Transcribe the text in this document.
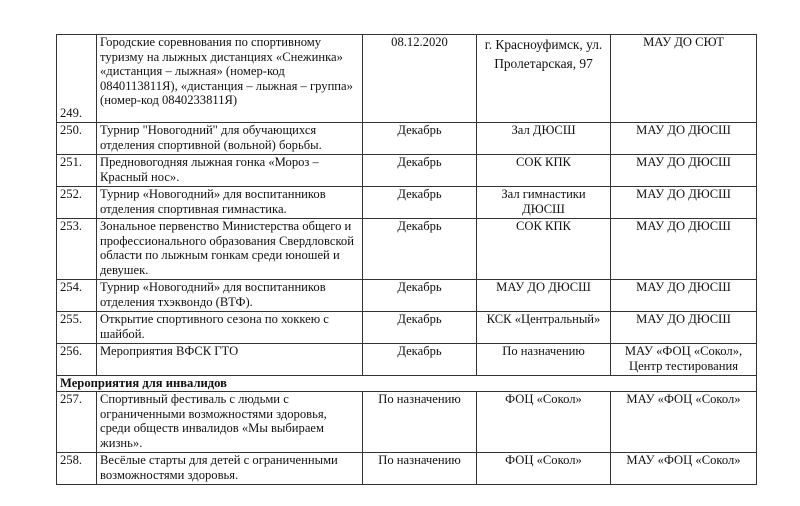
249.	Городские соревнования по спортивному туризму на лыжных дистанциях «Снежинка» «дистанция – лыжная» (номер-код 0840113811Я), «дистанция – лыжная – группа» (номер-код 0840233811Я)	08.12.2020	г. Красноуфимск, ул. Пролетарская, 97	МАУ ДО СЮТ
250.	Турнир "Новогодний" для обучающихся отделения спортивной (вольной) борьбы.	Декабрь	Зал ДЮСШ	МАУ ДО ДЮСШ
251.	Предновогодняя лыжная гонка «Мороз – Красный нос».	Декабрь	СОК КПК	МАУ ДО ДЮСШ
252.	Турнир «Новогодний» для воспитанников отделения спортивная гимнастика.	Декабрь	Зал гимнастики ДЮСШ	МАУ ДО ДЮСШ
253.	Зональное первенство Министерства общего и профессионального образования Свердловской области по лыжным гонкам среди юношей и девушек.	Декабрь	СОК КПК	МАУ ДО ДЮСШ
254.	Турнир «Новогодний» для воспитанников отделения тхэквондо (ВТФ).	Декабрь	МАУ ДО ДЮСШ	МАУ ДО ДЮСШ
255.	Открытие спортивного сезона по хоккею с шайбой.	Декабрь	КСК «Центральный»	МАУ ДО ДЮСШ
256.	Мероприятия ВФСК ГТО	Декабрь	По назначению	МАУ «ФОЦ «Сокол», Центр тестирования
Мероприятия для инвалидов				
257.	Спортивный фестиваль с людьми с ограниченными возможностями здоровья, среди обществ инвалидов «Мы выбираем жизнь».	По назначению	ФОЦ «Сокол»	МАУ «ФОЦ «Сокол»
258.	Весёлые старты для детей с ограниченными возможностями здоровья.	По назначению	ФОЦ «Сокол»	МАУ «ФОЦ «Сокол»
